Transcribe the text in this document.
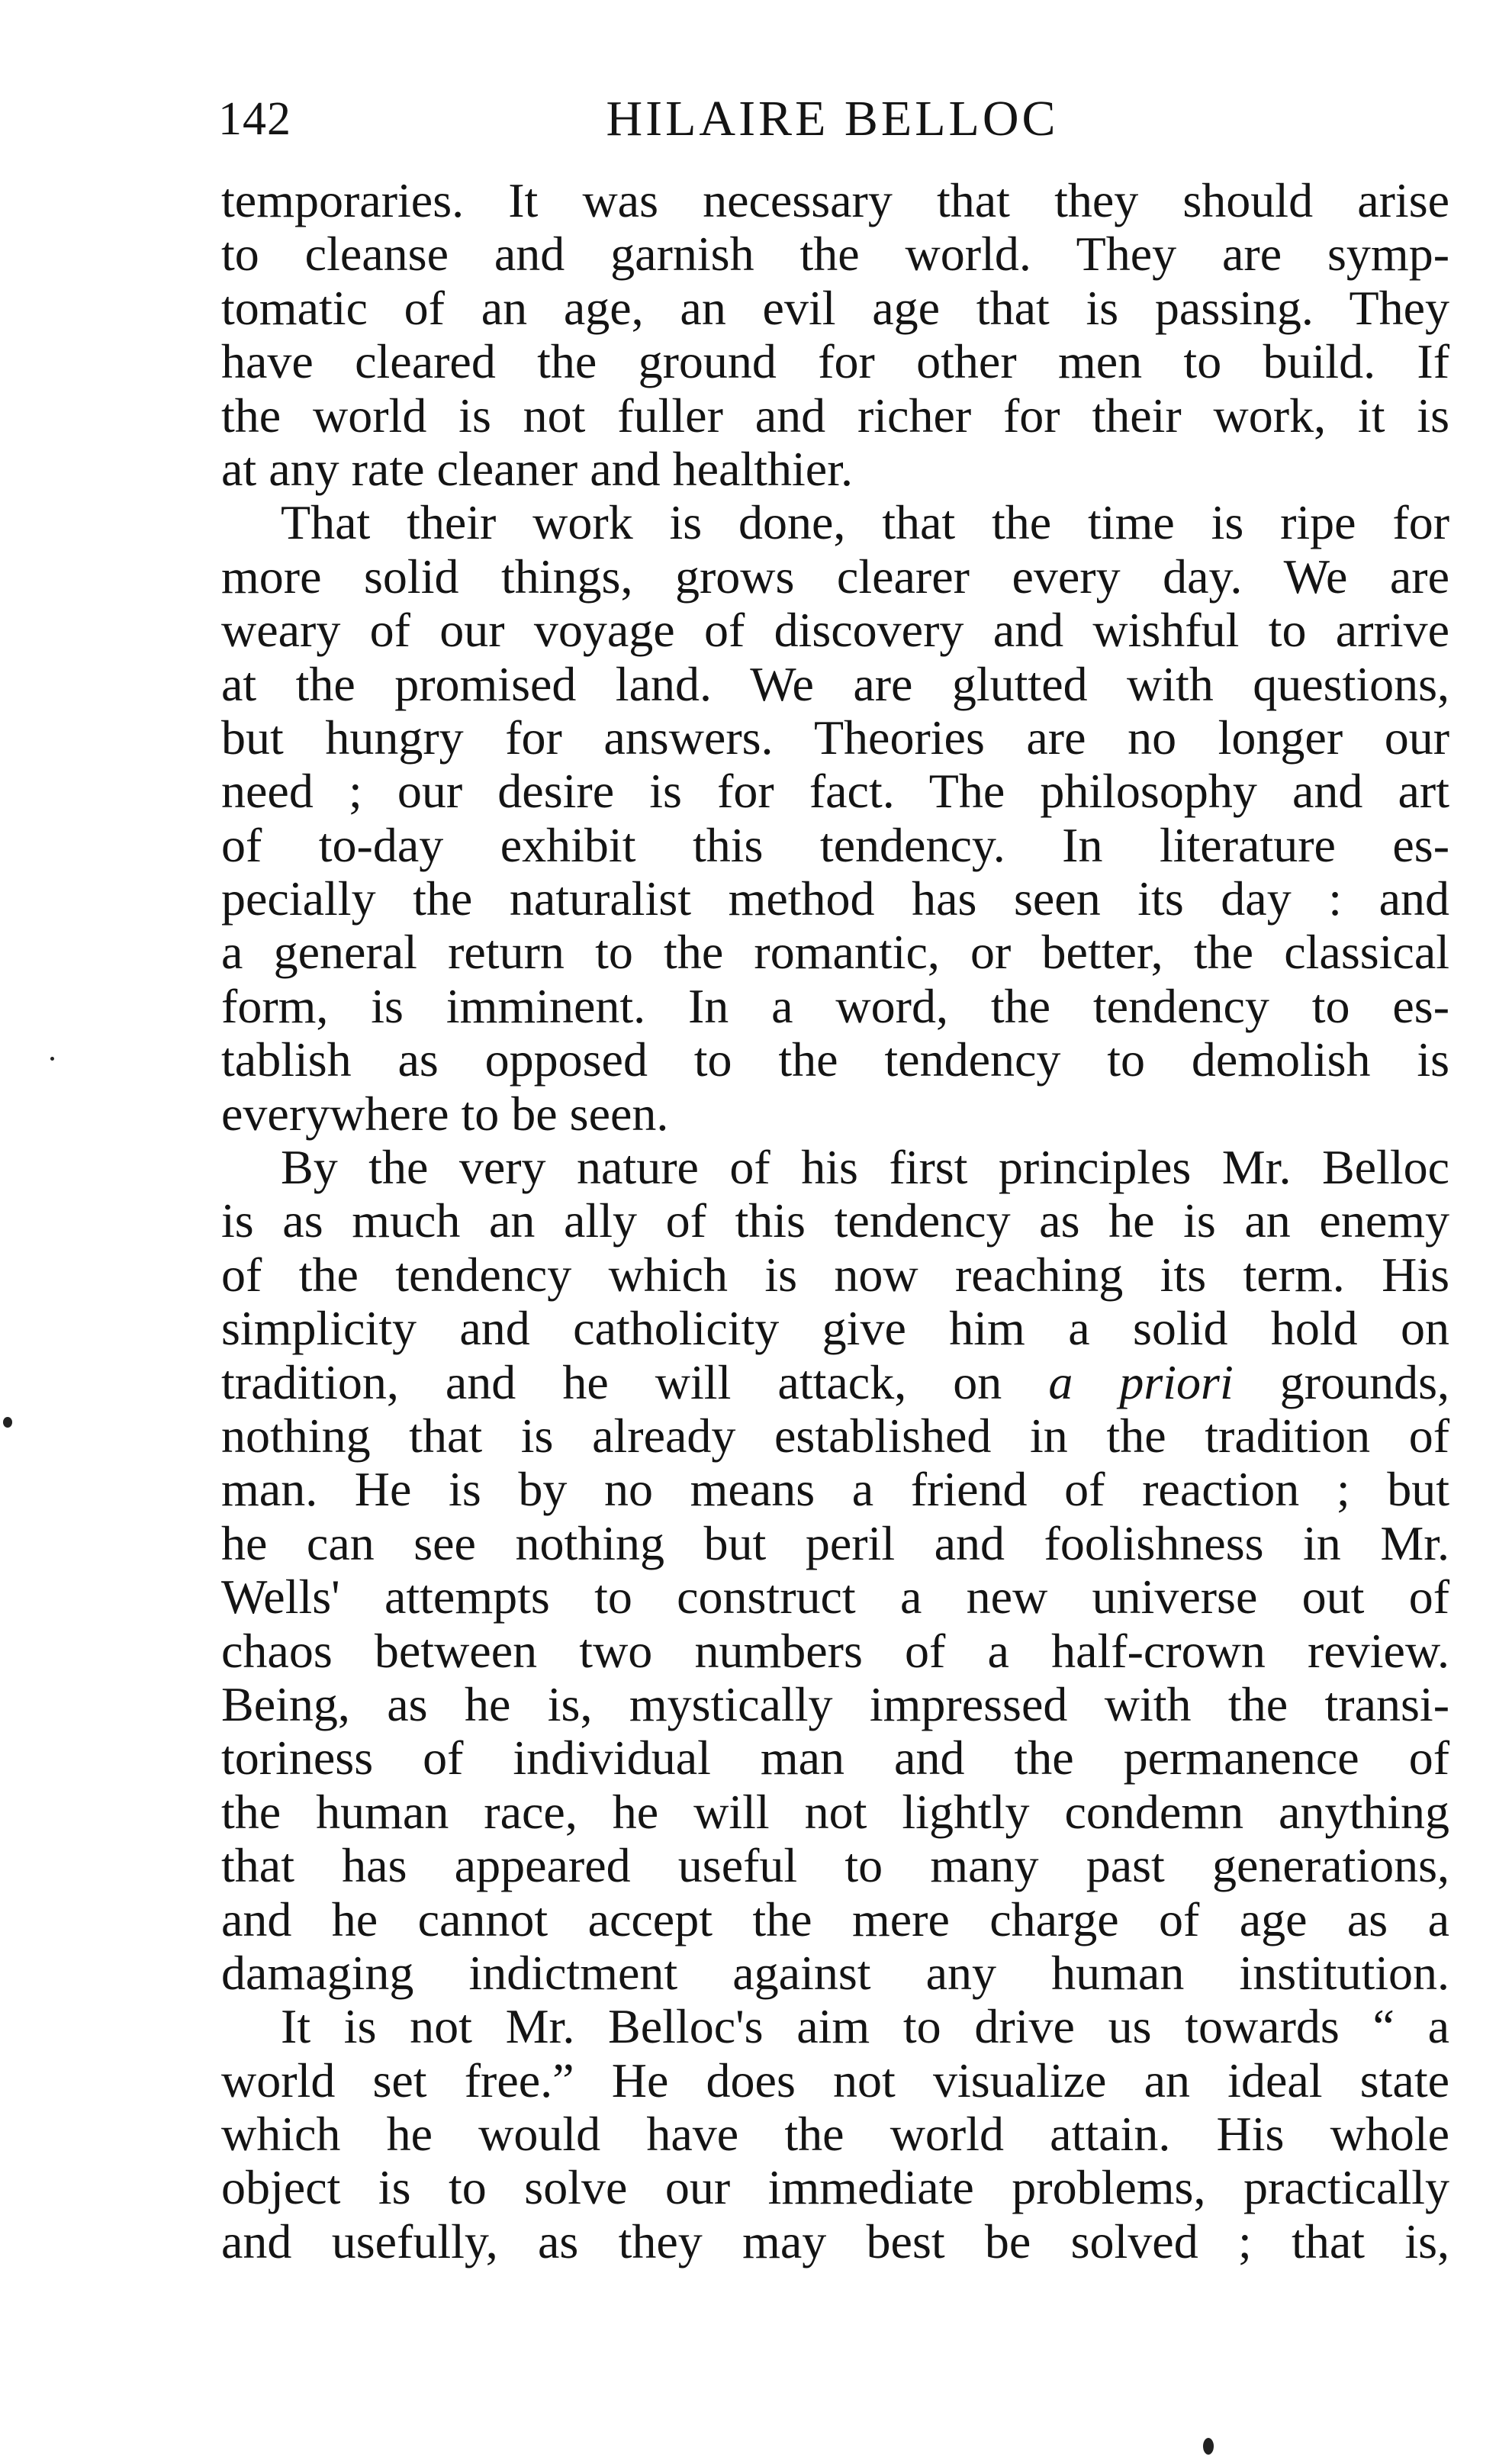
142	HILAIRE BELLOC
temporaries. It was necessary that they should arise
to cleanse and garnish the world. They are symp-
tomatic of an age, an evil age that is passing. They
have cleared the ground for other men to build. If
the world is not fuller and richer for their work, it is
at any rate cleaner and healthier.
That their work is done, that the time is ripe for
more solid things, grows clearer every day. We are
weary of our voyage of discovery and wishful to arrive
at the promised land. We are glutted with questions,
but hungry for answers. Theories are no longer our
need ; our desire is for fact. The philosophy and art
of to-day exhibit this tendency. In literature es-
pecially the naturalist method has seen its day : and
a general return to the romantic, or better, the classical
form, is imminent. In a word, the tendency to es-
tablish as opposed to the tendency to demolish is
everywhere to be seen.
By the very nature of his first principles Mr. Belloc
is as much an ally of this tendency as he is an enemy
of the tendency which is now reaching its term. His
simplicity and catholicity give him a solid hold on
tradition, and he will attack, on a priori grounds,
nothing that is already established in the tradition of
man. He is by no means a friend of reaction ; but
he can see nothing but peril and foolishness in Mr.
Wells' attempts to construct a new universe out of
chaos between two numbers of a half-crown review.
Being, as he is, mystically impressed with the transi-
toriness of individual man and the permanence of
the human race, he will not lightly condemn anything
that has appeared useful to many past generations,
and he cannot accept the mere charge of age as a
damaging indictment against any human institution.
It is not Mr. Belloc's aim to drive us towards “ a
world set free.” He does not visualize an ideal state
which he would have the world attain. His whole
object is to solve our immediate problems, practically
and usefully, as they may best be solved ; that is,
